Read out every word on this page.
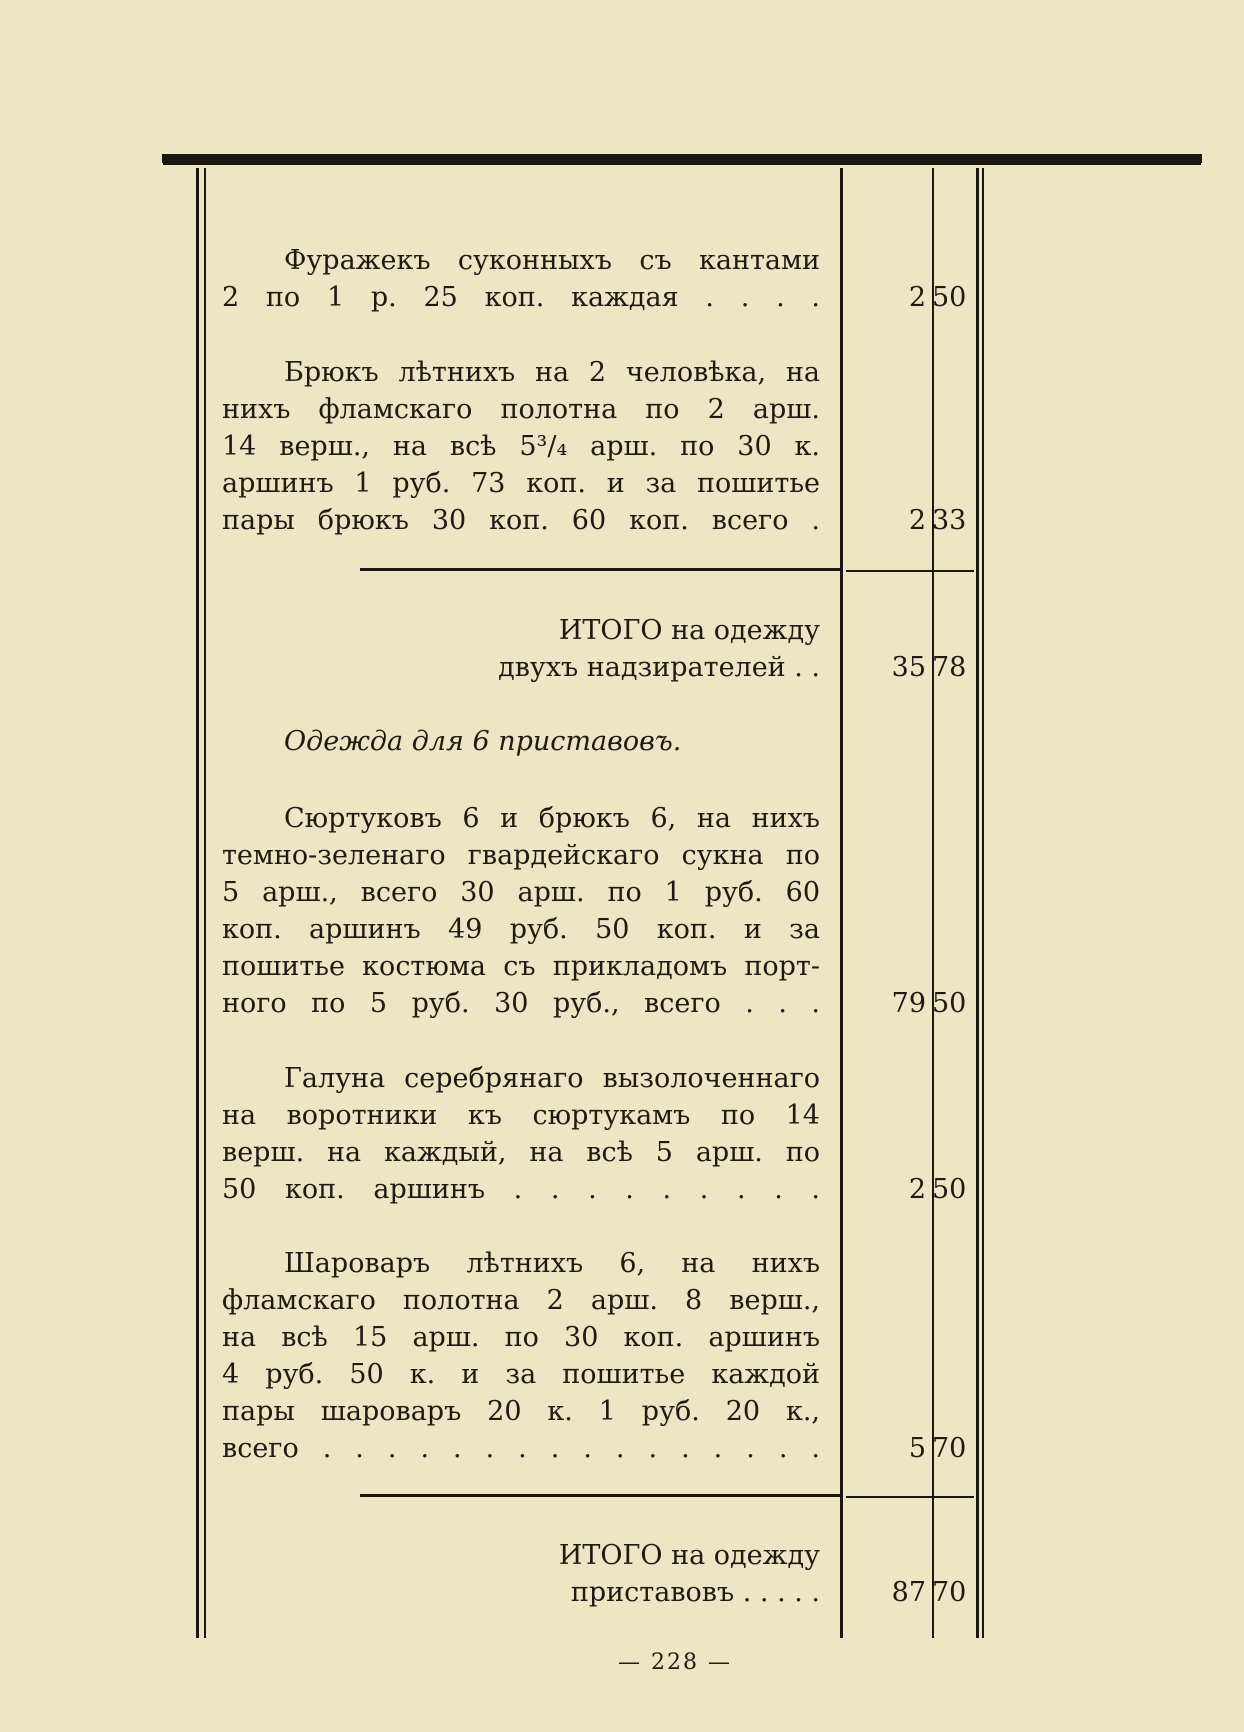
Фуражекъ суконныхъ съ кантами
2 по 1 р. 25 коп. каждая . . . .	2 50
Брюкъ лѣтнихъ на 2 человѣка, на
нихъ фламскаго полотна по 2 арш.
14 верш., на всѣ 5³/₄ арш. по 30 к.
аршинъ 1 руб. 73 коп. и за пошитье
пары брюкъ 30 коп. 60 коп. всего .	2 33
ИТОГО на одежду
двухъ надзирателей . .	35 78
Одежда для 6 приставовъ.
Сюртуковъ 6 и брюкъ 6, на нихъ
темно-зеленаго гвардейскаго сукна по
5 арш., всего 30 арш. по 1 руб. 60
коп. аршинъ 49 руб. 50 коп. и за
пошитье костюма съ прикладомъ порт-
ного по 5 руб. 30 руб., всего . . .	79 50
Галуна серебрянаго вызолоченнаго
на воротники къ сюртукамъ по 14
верш. на каждый, на всѣ 5 арш. по
50 коп. аршинъ . . . . . . . . .	2 50
Шароваръ лѣтнихъ 6, на нихъ
фламскаго полотна 2 арш. 8 верш.,
на всѣ 15 арш. по 30 коп. аршинъ
4 руб. 50 к. и за пошитье каждой
пары шароваръ 20 к. 1 руб. 20 к.,
всего . . . . . . . . . . . . . . . .	5 70
ИТОГО на одежду
приставовъ . . . . .	87 70
— 228 —
